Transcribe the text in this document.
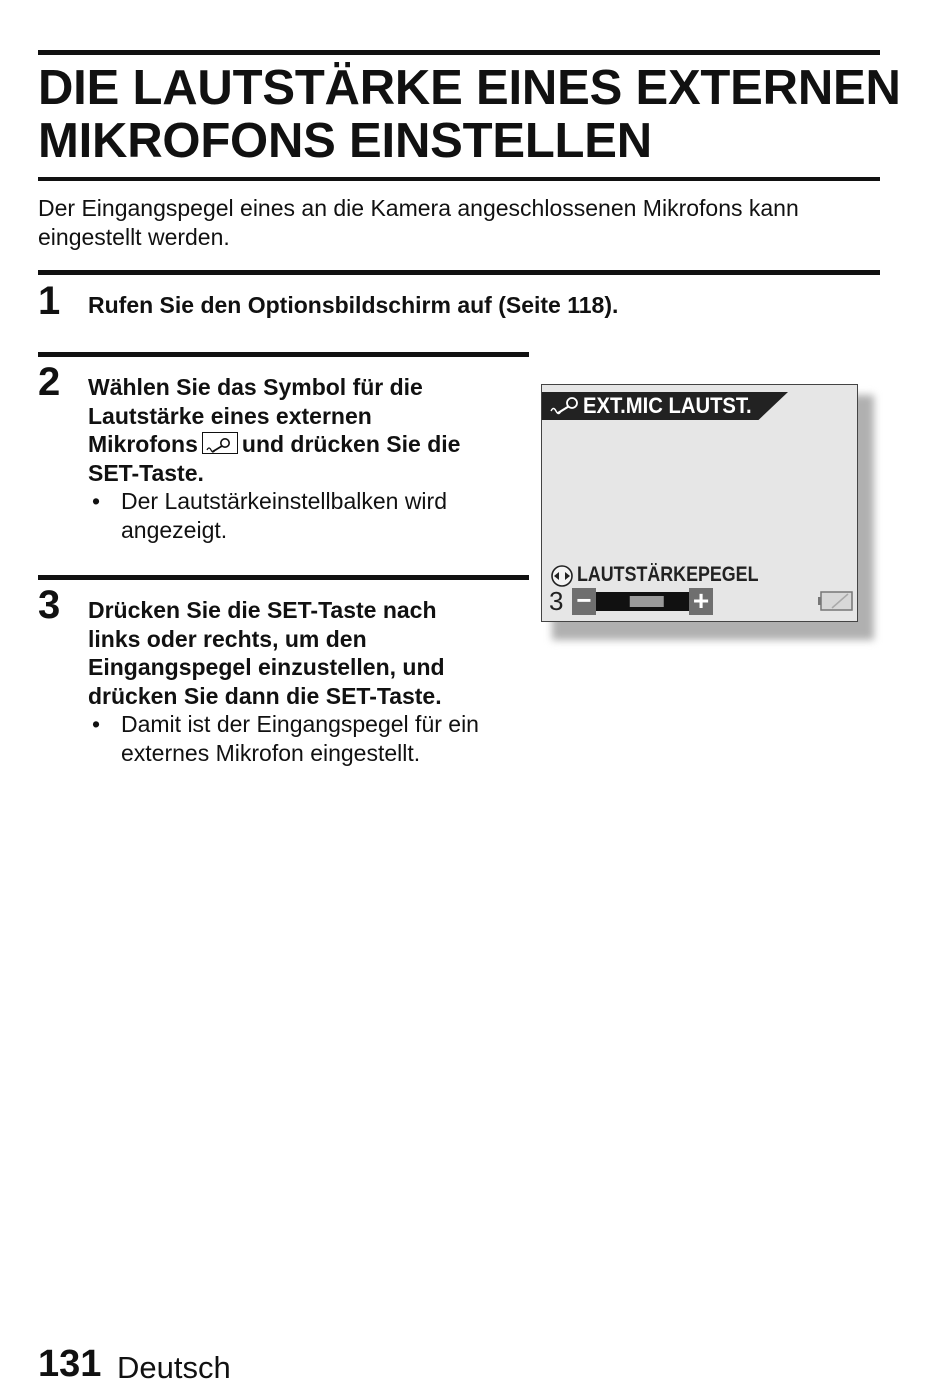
DIE LAUTSTÄRKE EINES EXTERNEN
MIKROFONS EINSTELLEN
Der Eingangspegel eines an die Kamera angeschlossenen Mikrofons kann
eingestellt werden.
1 Rufen Sie den Optionsbildschirm auf (Seite 118).
2 Wählen Sie das Symbol für die
Lautstärke eines externen
Mikrofons und drücken Sie die
SET-Taste.
• Der Lautstärkeinstellbalken wird
angezeigt.
3 Drücken Sie die SET-Taste nach
links oder rechts, um den
Eingangspegel einzustellen, und
drücken Sie dann die SET-Taste.
• Damit ist der Eingangspegel für ein
externes Mikrofon eingestellt.
EXT.MIC LAUTST.
LAUTSTÄRKEPEGEL
3 −	+
131 Deutsch
